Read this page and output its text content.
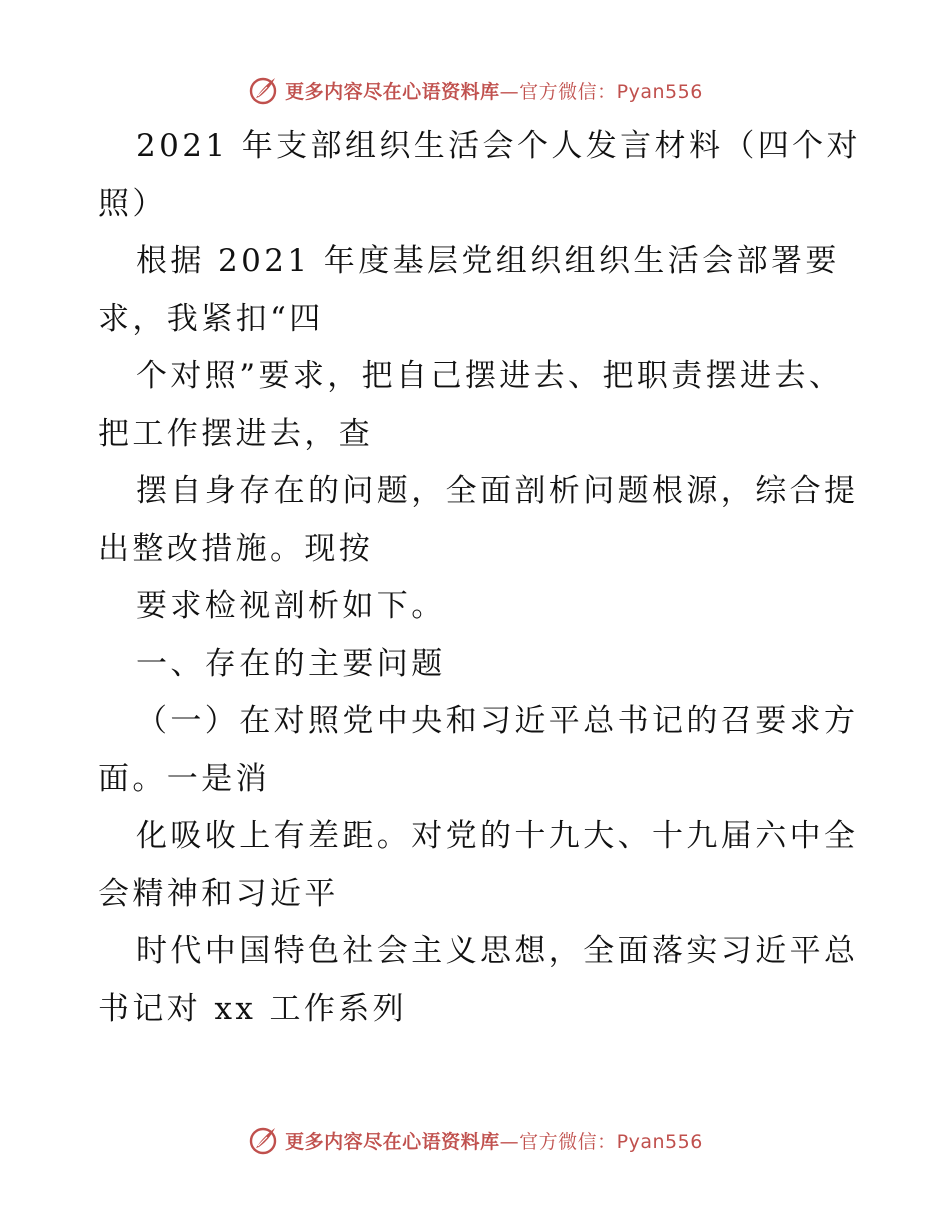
更多内容尽在心语资料库—官方微信：Pyan556
2021 年支部组织生活会个人发言材料（四个对
照）
根据 2021 年度基层党组织组织生活会部署要
求，我紧扣“四
个对照”要求，把自己摆进去、把职责摆进去、
把工作摆进去，查
摆自身存在的问题，全面剖析问题根源，综合提
出整改措施。现按
要求检视剖析如下。
一、存在的主要问题
（一）在对照党中央和习近平总书记的召要求方
面。一是消
化吸收上有差距。对党的十九大、十九届六中全
会精神和习近平
时代中国特色社会主义思想，全面落实习近平总
书记对 xx 工作系列
更多内容尽在心语资料库—官方微信：Pyan556
